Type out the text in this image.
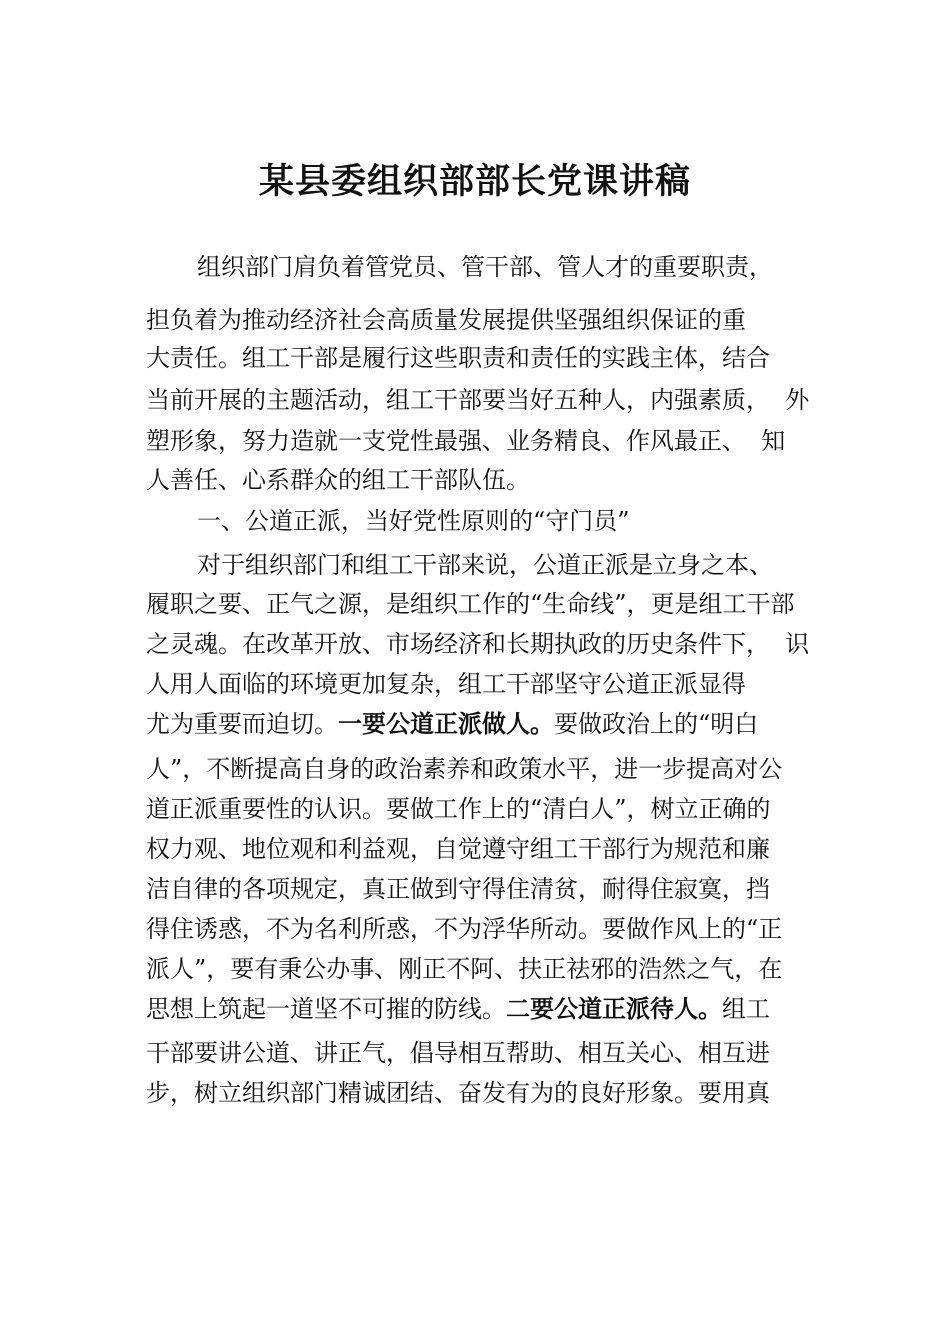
某县委组织部部长党课讲稿
组织部门肩负着管党员、管干部、管人才的重要职责，
担负着为推动经济社会高质量发展提供坚强组织保证的重
大责任。组工干部是履行这些职责和责任的实践主体，结合
当前开展的主题活动，组工干部要当好五种人，内强素质，  外
塑形象，努力造就一支党性最强、业务精良、作风最正、  知
人善任、心系群众的组工干部队伍。
一、公道正派，当好党性原则的“守门员”
对于组织部门和组工干部来说，公道正派是立身之本、
履职之要、正气之源，是组织工作的“生命线”，更是组工干部
之灵魂。在改革开放、市场经济和长期执政的历史条件下，  识
人用人面临的环境更加复杂，组工干部坚守公道正派显得
尤为重要而迫切。一要公道正派做人。要做政治上的“明白
人”，不断提高自身的政治素养和政策水平，进一步提高对公
道正派重要性的认识。要做工作上的“清白人”，树立正确的
权力观、地位观和利益观，自觉遵守组工干部行为规范和廉
洁自律的各项规定，真正做到守得住清贫，耐得住寂寞，挡
得住诱惑，不为名利所惑，不为浮华所动。要做作风上的“正
派人”，要有秉公办事、刚正不阿、扶正祛邪的浩然之气，在
思想上筑起一道坚不可摧的防线。二要公道正派待人。组工
干部要讲公道、讲正气，倡导相互帮助、相互关心、相互进
步，树立组织部门精诚团结、奋发有为的良好形象。要用真
